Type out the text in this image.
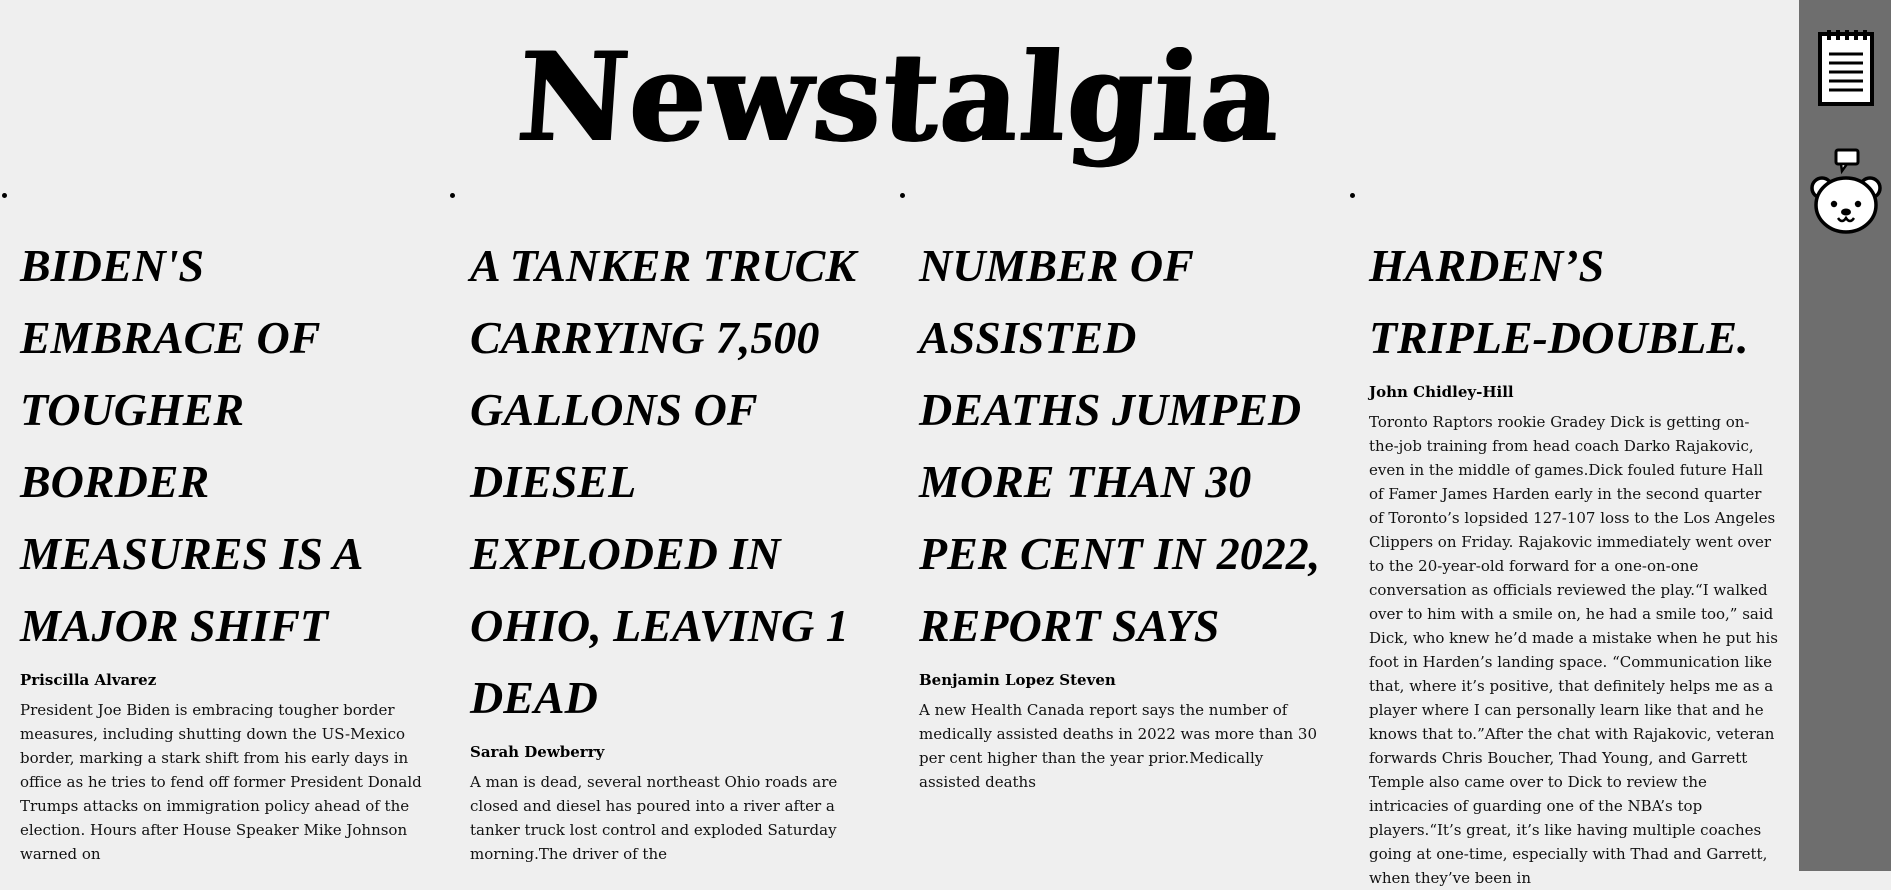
Newstalgia
BIDEN'S EMBRACE OF TOUGHER BORDER MEASURES IS A MAJOR SHIFT
Priscilla Alvarez

President Joe Biden is embracing tougher border measures, including shutting down the US-Mexico border, marking a stark shift from his early days in office as he tries to fend off former President Donald Trumps attacks on immigration policy ahead of the election. Hours after House Speaker Mike Johnson warned on

A TANKER TRUCK CARRYING 7,500 GALLONS OF DIESEL EXPLODED IN OHIO, LEAVING 1 DEAD
Sarah Dewberry

A man is dead, several northeast Ohio roads are closed and diesel has poured into a river after a tanker truck lost control and exploded Saturday morning.The driver of the

NUMBER OF ASSISTED DEATHS JUMPED MORE THAN 30 PER CENT IN 2022, REPORT SAYS
Benjamin Lopez Steven

A new Health Canada report says the number of medically assisted deaths in 2022 was more than 30 per cent higher than the year prior.Medically assisted deaths

HARDEN’S TRIPLE-DOUBLE.
John Chidley-Hill

Toronto Raptors rookie Gradey Dick is getting on-the-job training from head coach Darko Rajakovic, even in the middle of games.Dick fouled future Hall of Famer James Harden early in the second quarter of Toronto’s lopsided 127-107 loss to the Los Angeles Clippers on Friday. Rajakovic immediately went over to the 20-year-old forward for a one-on-one conversation as officials reviewed the play.“I walked over to him with a smile on, he had a smile too,” said Dick, who knew he’d made a mistake when he put his foot in Harden’s landing space. “Communication like that, where it’s positive, that definitely helps me as a player where I can personally learn like that and he knows that to.”After the chat with Rajakovic, veteran forwards Chris Boucher, Thad Young, and Garrett Temple also came over to Dick to review the intricacies of guarding one of the NBA’s top players.“It’s great, it’s like having multiple coaches going at one-time, especially with Thad and Garrett, when they’ve been in
